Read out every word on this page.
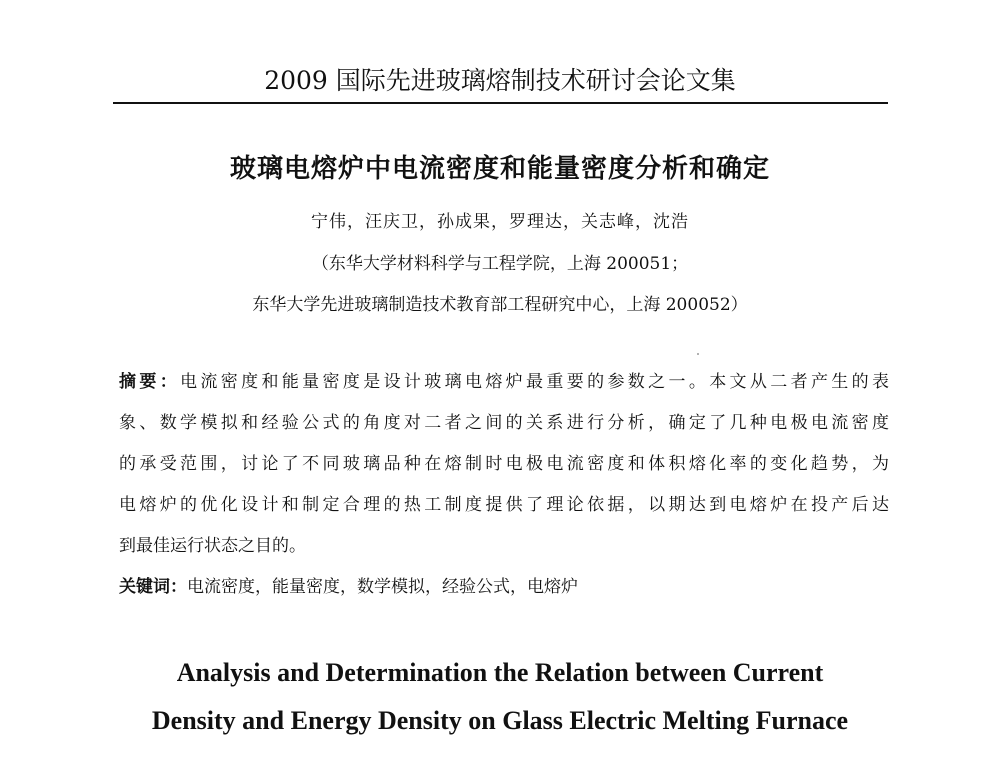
2009 国际先进玻璃熔制技术研讨会论文集
玻璃电熔炉中电流密度和能量密度分析和确定
宁伟，汪庆卫，孙成果，罗理达，关志峰，沈浩
（东华大学材料科学与工程学院，上海 200051；
东华大学先进玻璃制造技术教育部工程研究中心，上海 200052）
摘要：电流密度和能量密度是设计玻璃电熔炉最重要的参数之一。本文从二者产生的表
象、数学模拟和经验公式的角度对二者之间的关系进行分析，确定了几种电极电流密度
的承受范围，讨论了不同玻璃品种在熔制时电极电流密度和体积熔化率的变化趋势，为
电熔炉的优化设计和制定合理的热工制度提供了理论依据，以期达到电熔炉在投产后达
到最佳运行状态之目的。
关键词：电流密度，能量密度，数学模拟，经验公式，电熔炉
Analysis and Determination the Relation between Current
Density and Energy Density on Glass Electric Melting Furnace
